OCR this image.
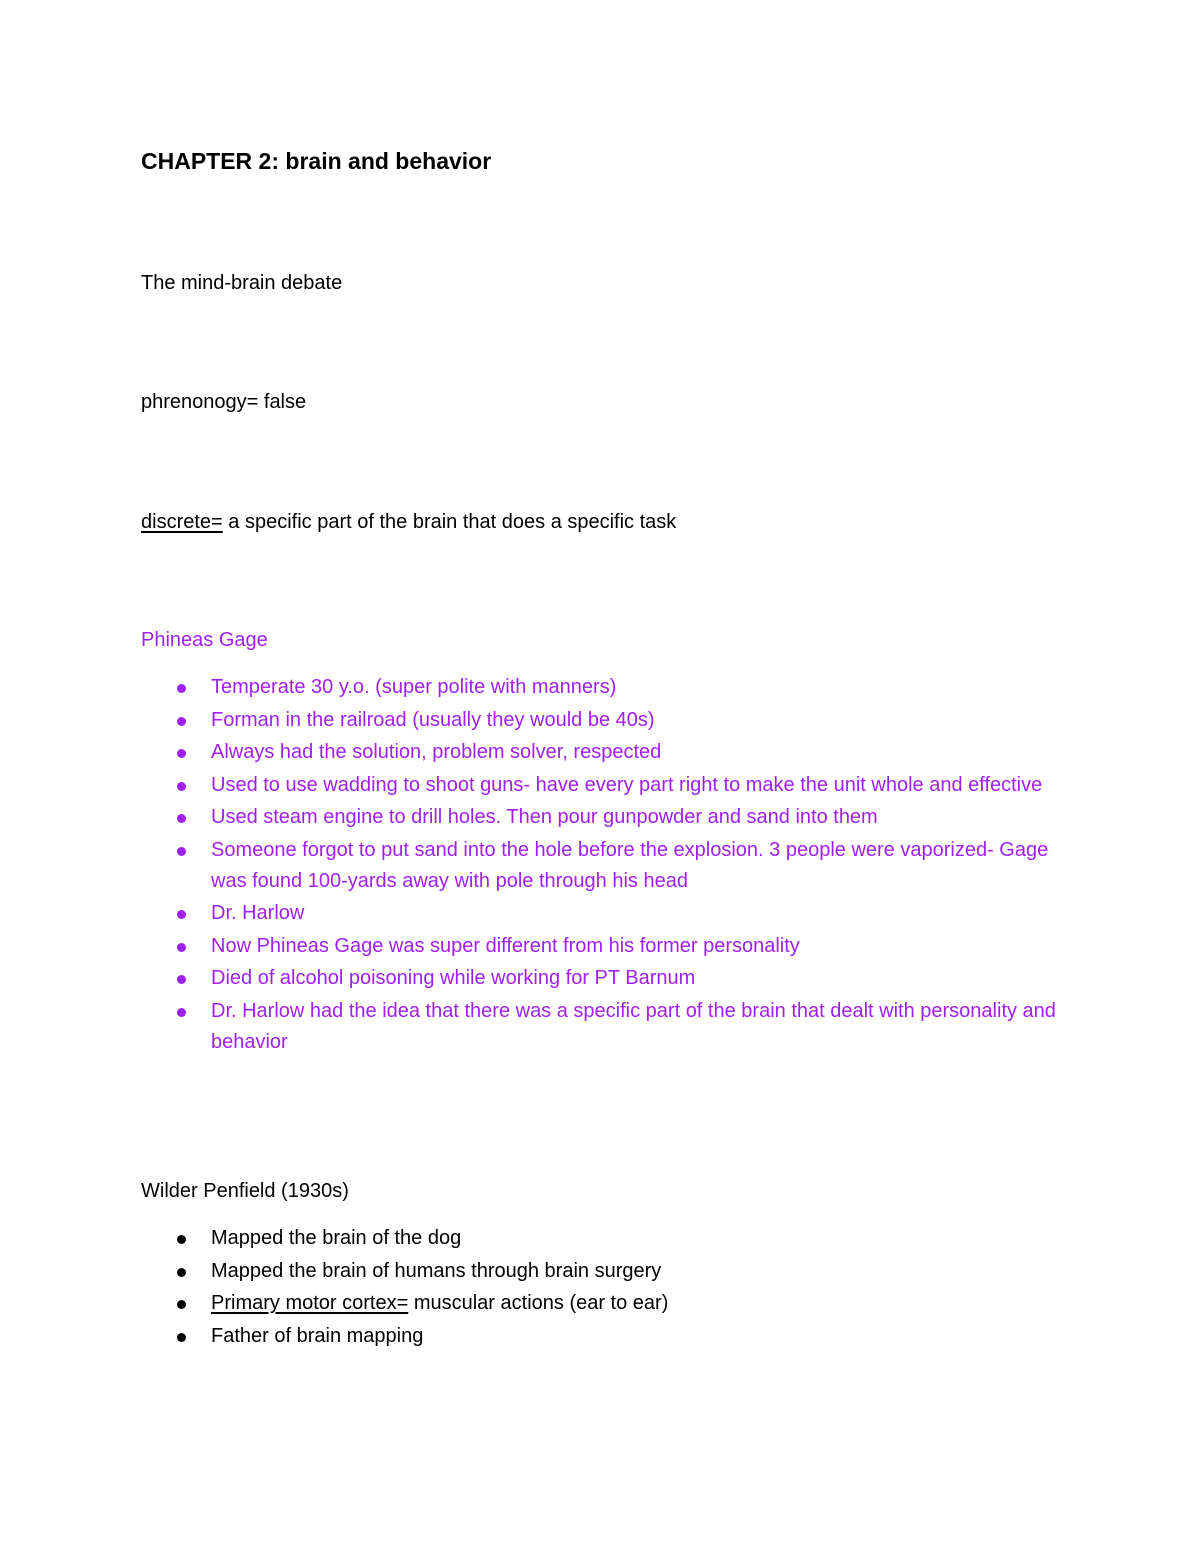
CHAPTER 2: brain and behavior

The mind-brain debate

phrenonogy= false

discrete= a specific part of the brain that does a specific task

Phineas Gage

Temperate 30 y.o. (super polite with manners)
Forman in the railroad (usually they would be 40s)
Always had the solution, problem solver, respected
Used to use wadding to shoot guns- have every part right to make the unit whole and effective
Used steam engine to drill holes. Then pour gunpowder and sand into them
Someone forgot to put sand into the hole before the explosion. 3 people were vaporized- Gage was found 100-yards away with pole through his head
Dr. Harlow
Now Phineas Gage was super different from his former personality
Died of alcohol poisoning while working for PT Barnum
Dr. Harlow had the idea that there was a specific part of the brain that dealt with personality and behavior

Wilder Penfield (1930s)

Mapped the brain of the dog
Mapped the brain of humans through brain surgery
Primary motor cortex= muscular actions (ear to ear)
Father of brain mapping
